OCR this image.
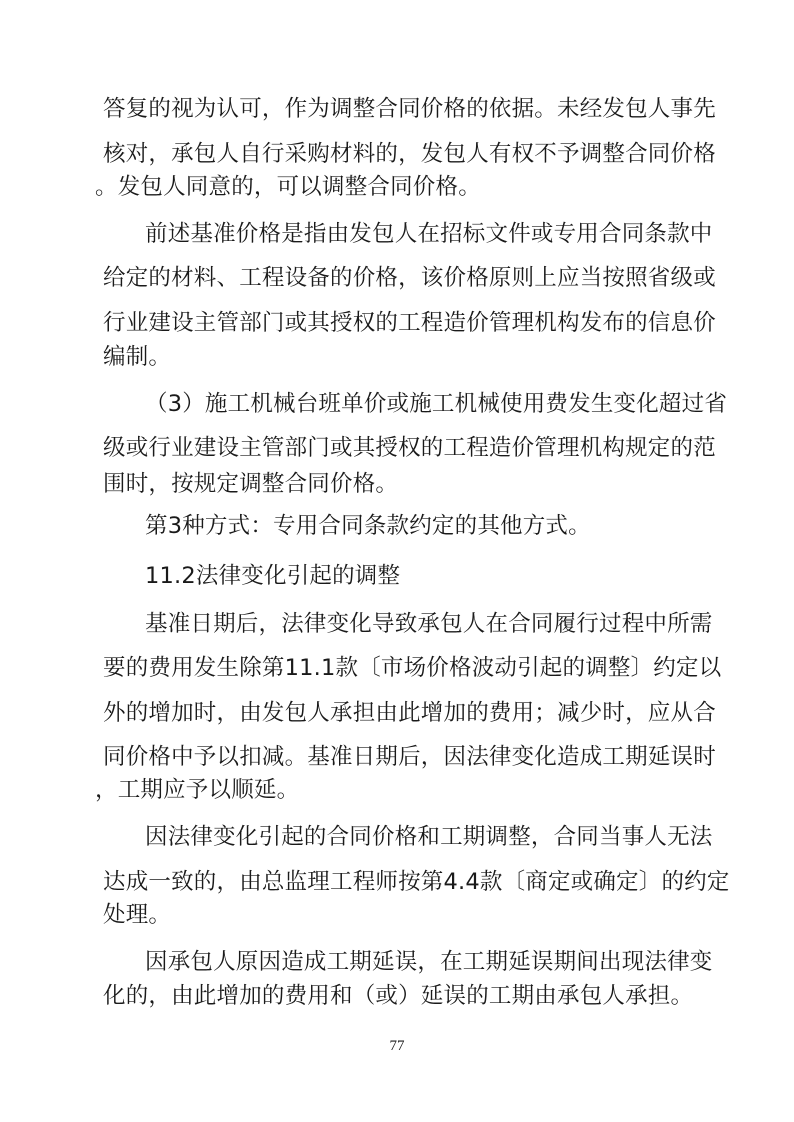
答复的视为认可，作为调整合同价格的依据。未经发包人事先
核对，承包人自行采购材料的，发包人有权不予调整合同价格
。发包人同意的，可以调整合同价格。
前述基准价格是指由发包人在招标文件或专用合同条款中
给定的材料、工程设备的价格，该价格原则上应当按照省级或
行业建设主管部门或其授权的工程造价管理机构发布的信息价
编制。
（3）施工机械台班单价或施工机械使用费发生变化超过省
级或行业建设主管部门或其授权的工程造价管理机构规定的范
围时，按规定调整合同价格。
第3种方式：专用合同条款约定的其他方式。
11.2法律变化引起的调整
基准日期后，法律变化导致承包人在合同履行过程中所需
要的费用发生除第11.1款〔市场价格波动引起的调整〕约定以
外的增加时，由发包人承担由此增加的费用；减少时，应从合
同价格中予以扣减。基准日期后，因法律变化造成工期延误时
，工期应予以顺延。
因法律变化引起的合同价格和工期调整，合同当事人无法
达成一致的，由总监理工程师按第4.4款〔商定或确定〕的约定
处理。
因承包人原因造成工期延误，在工期延误期间出现法律变
化的，由此增加的费用和（或）延误的工期由承包人承担。
77
